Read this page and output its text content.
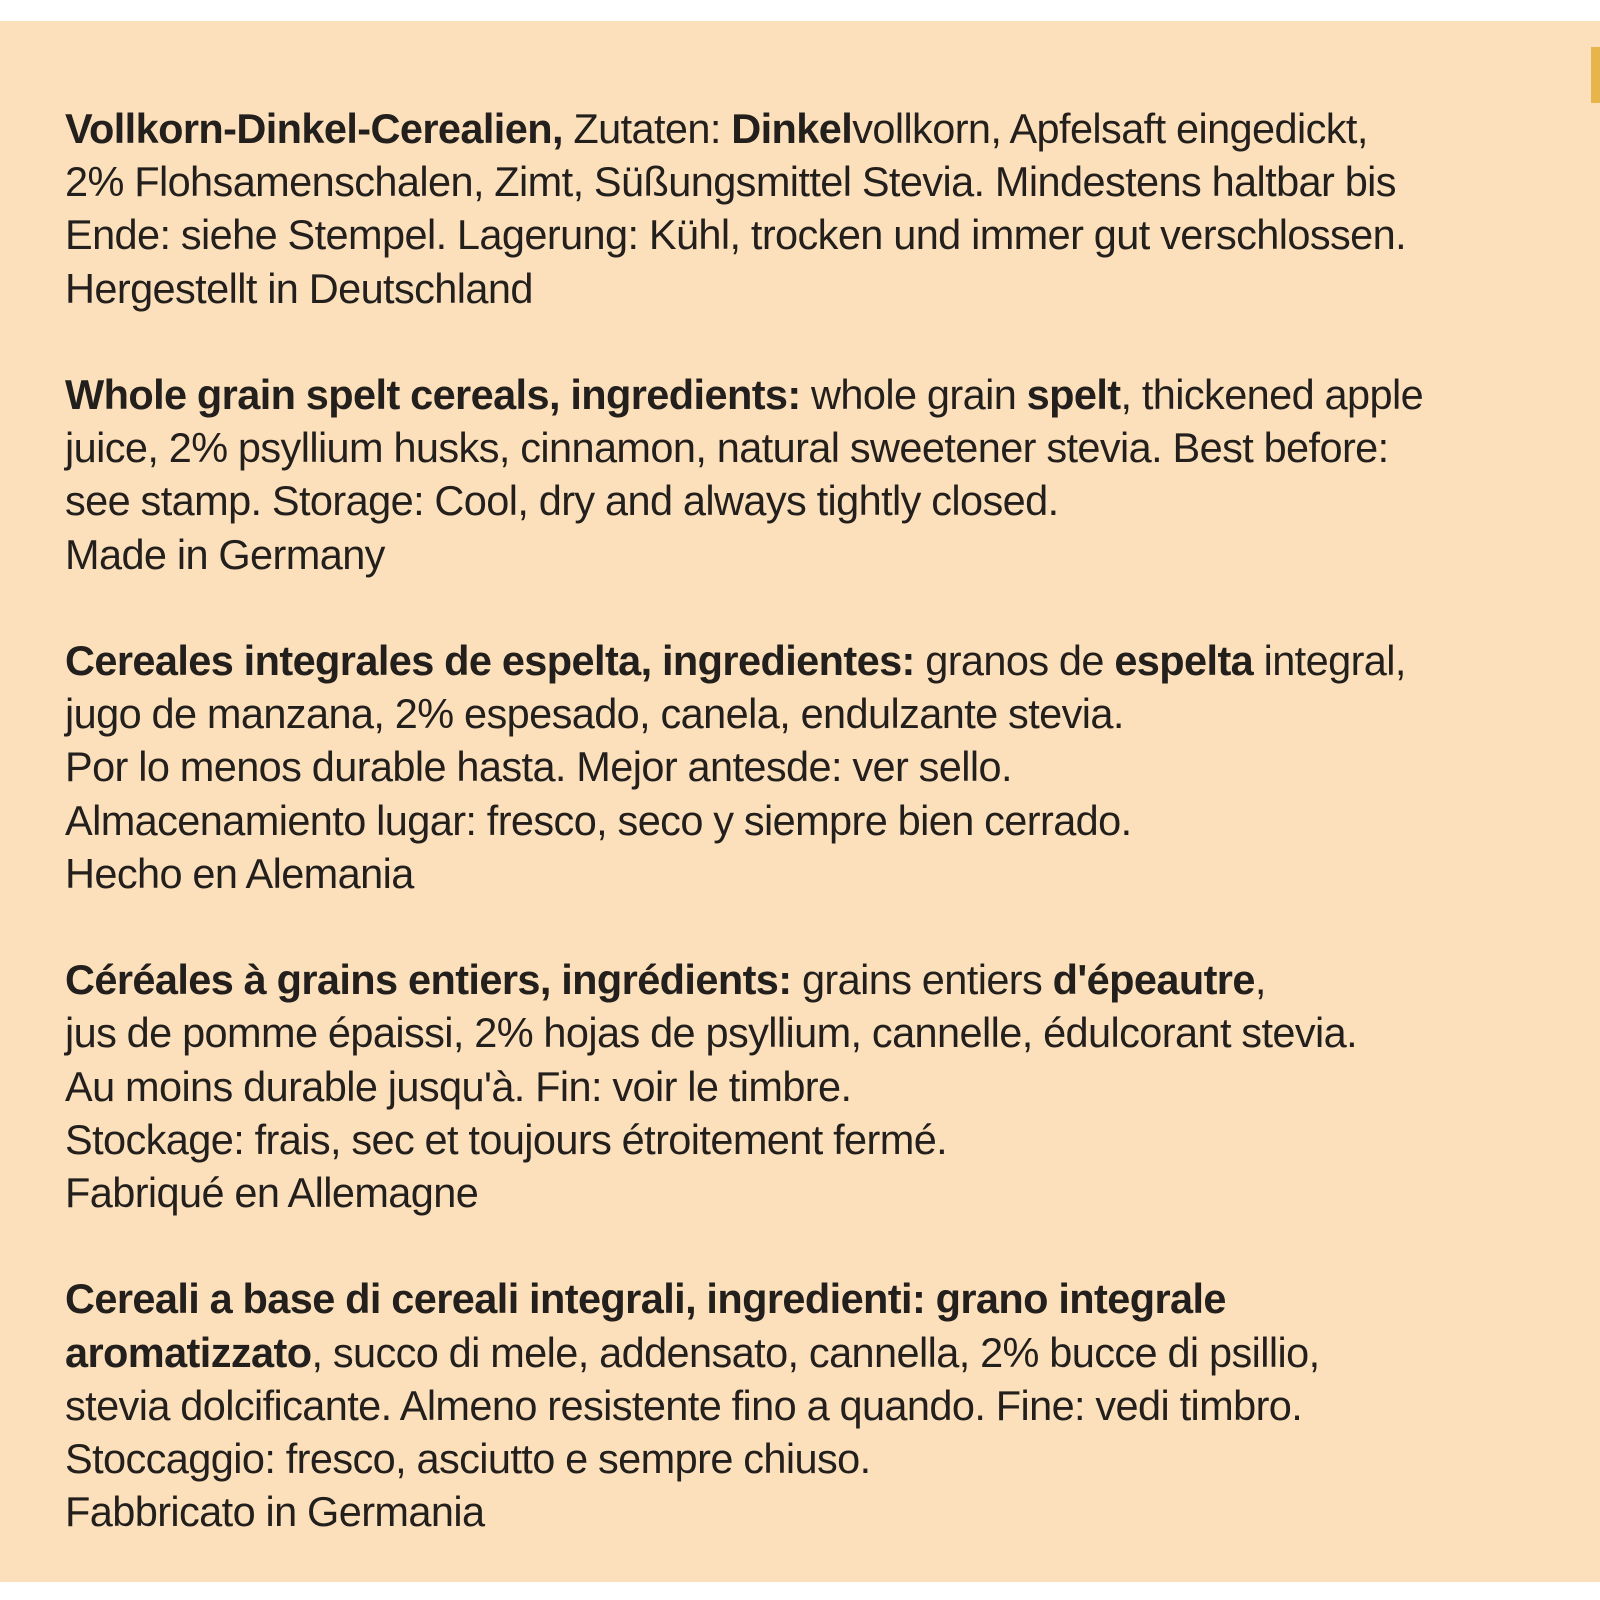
Vollkorn-Dinkel-Cerealien, Zutaten: Dinkelvollkorn, Apfelsaft eingedickt,
2% Flohsamenschalen, Zimt, Süßungsmittel Stevia. Mindestens haltbar bis
Ende: siehe Stempel. Lagerung: Kühl, trocken und immer gut verschlossen.
Hergestellt in Deutschland
Whole grain spelt cereals, ingredients: whole grain spelt, thickened apple
juice, 2% psyllium husks, cinnamon, natural sweetener stevia. Best before:
see stamp. Storage: Cool, dry and always tightly closed.
Made in Germany
Cereales integrales de espelta, ingredientes: granos de espelta integral,
jugo de manzana, 2% espesado, canela, endulzante stevia.
Por lo menos durable hasta. Mejor antesde: ver sello.
Almacenamiento lugar: fresco, seco y siempre bien cerrado.
Hecho en Alemania
Céréales à grains entiers, ingrédients: grains entiers d'épeautre,
jus de pomme épaissi, 2% hojas de psyllium, cannelle, édulcorant stevia.
Au moins durable jusqu'à. Fin: voir le timbre.
Stockage: frais, sec et toujours étroitement fermé.
Fabriqué en Allemagne
Cereali a base di cereali integrali, ingredienti: grano integrale
aromatizzato, succo di mele, addensato, cannella, 2% bucce di psillio,
stevia dolcificante. Almeno resistente fino a quando. Fine: vedi timbro.
Stoccaggio: fresco, asciutto e sempre chiuso.
Fabbricato in Germania
